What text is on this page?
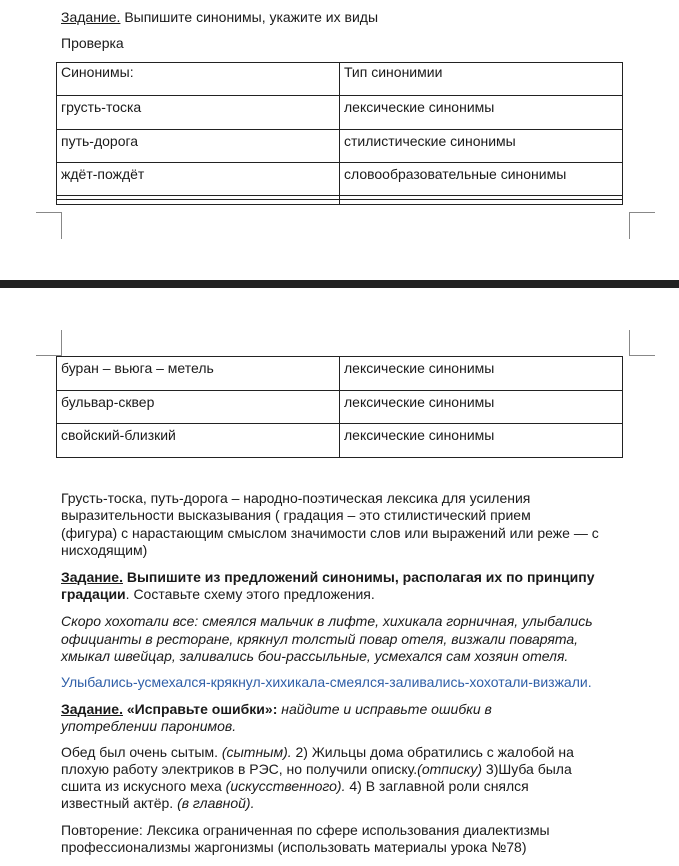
Задание. Выпишите синонимы, укажите их виды
Проверка
Синонимы:	Тип синонимии
грусть-тоска	лексические синонимы
путь-дорога	стилистические синонимы
ждёт-пождёт	словообразовательные синонимы

буран – вьюга – метель	лексические синонимы
бульвар-сквер	лексические синонимы
свойский-близкий	лексические синонимы
Грусть-тоска, путь-дорога – народно-поэтическая лексика для усиления
выразительности высказывания ( градация – это стилистический прием
(фигура) с нарастающим смыслом значимости слов или выражений или реже — с
нисходящим)
Задание. Выпишите из предложений синонимы, располагая их по принципу
градации. Составьте схему этого предложения.
Скоро хохотали все: смеялся мальчик в лифте, хихикала горничная, улыбались
официанты в ресторане, крякнул толстый повар отеля, визжали поварята,
хмыкал швейцар, заливались бои-рассыльные, усмехался сам хозяин отеля.
Улыбались-усмехался-крякнул-хихикала-смеялся-заливались-хохотали-визжали.
Задание. «Исправьте ошибки»: найдите и исправьте ошибки в
употреблении паронимов.
Обед был очень сытым. (сытным). 2) Жильцы дома обратились с жалобой на
плохую работу электриков в РЭС, но получили описку.(отписку) 3)Шуба была
сшита из искусного меха (искусственного). 4) В заглавной роли снялся
известный актёр. (в главной).
Повторение: Лексика ограниченная по сфере использования диалектизмы
профессионализмы жаргонизмы (использовать материалы урока №78)
